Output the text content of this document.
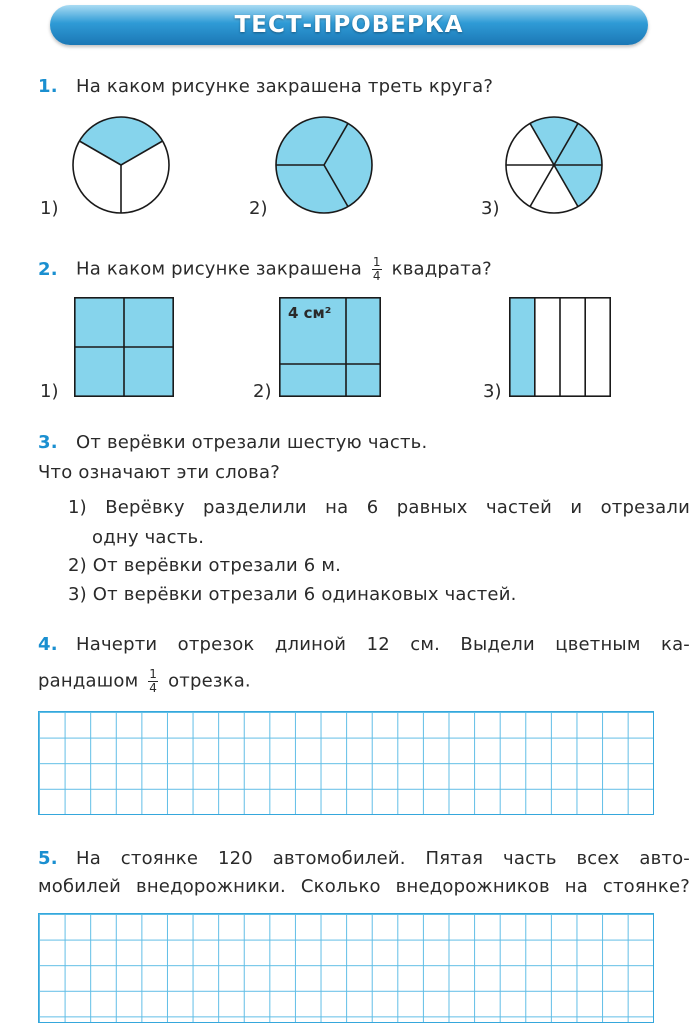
ТЕСТ-ПРОВЕРКА
1. На каком рисунке закрашена треть круга?
1)	2)	3)
2. На каком рисунке закрашена $\frac{1}{4}$ квадрата?
1)
4 см²
2)	3)
3. От верёвки отрезали шестую часть.
Что означают эти слова?
1) Верёвку разделили на 6 равных частей и отрезали
одну часть.
2) От верёвки отрезали 6 м.
3) От верёвки отрезали 6 одинаковых частей.
4. Начерти отрезок длиной 12 см. Выдели цветным ка-
рандашом $\frac{1}{4}$ отрезка.
5. На стоянке 120 автомобилей. Пятая часть всех авто-
мобилей внедорожники. Сколько внедорожников на стоянке?
